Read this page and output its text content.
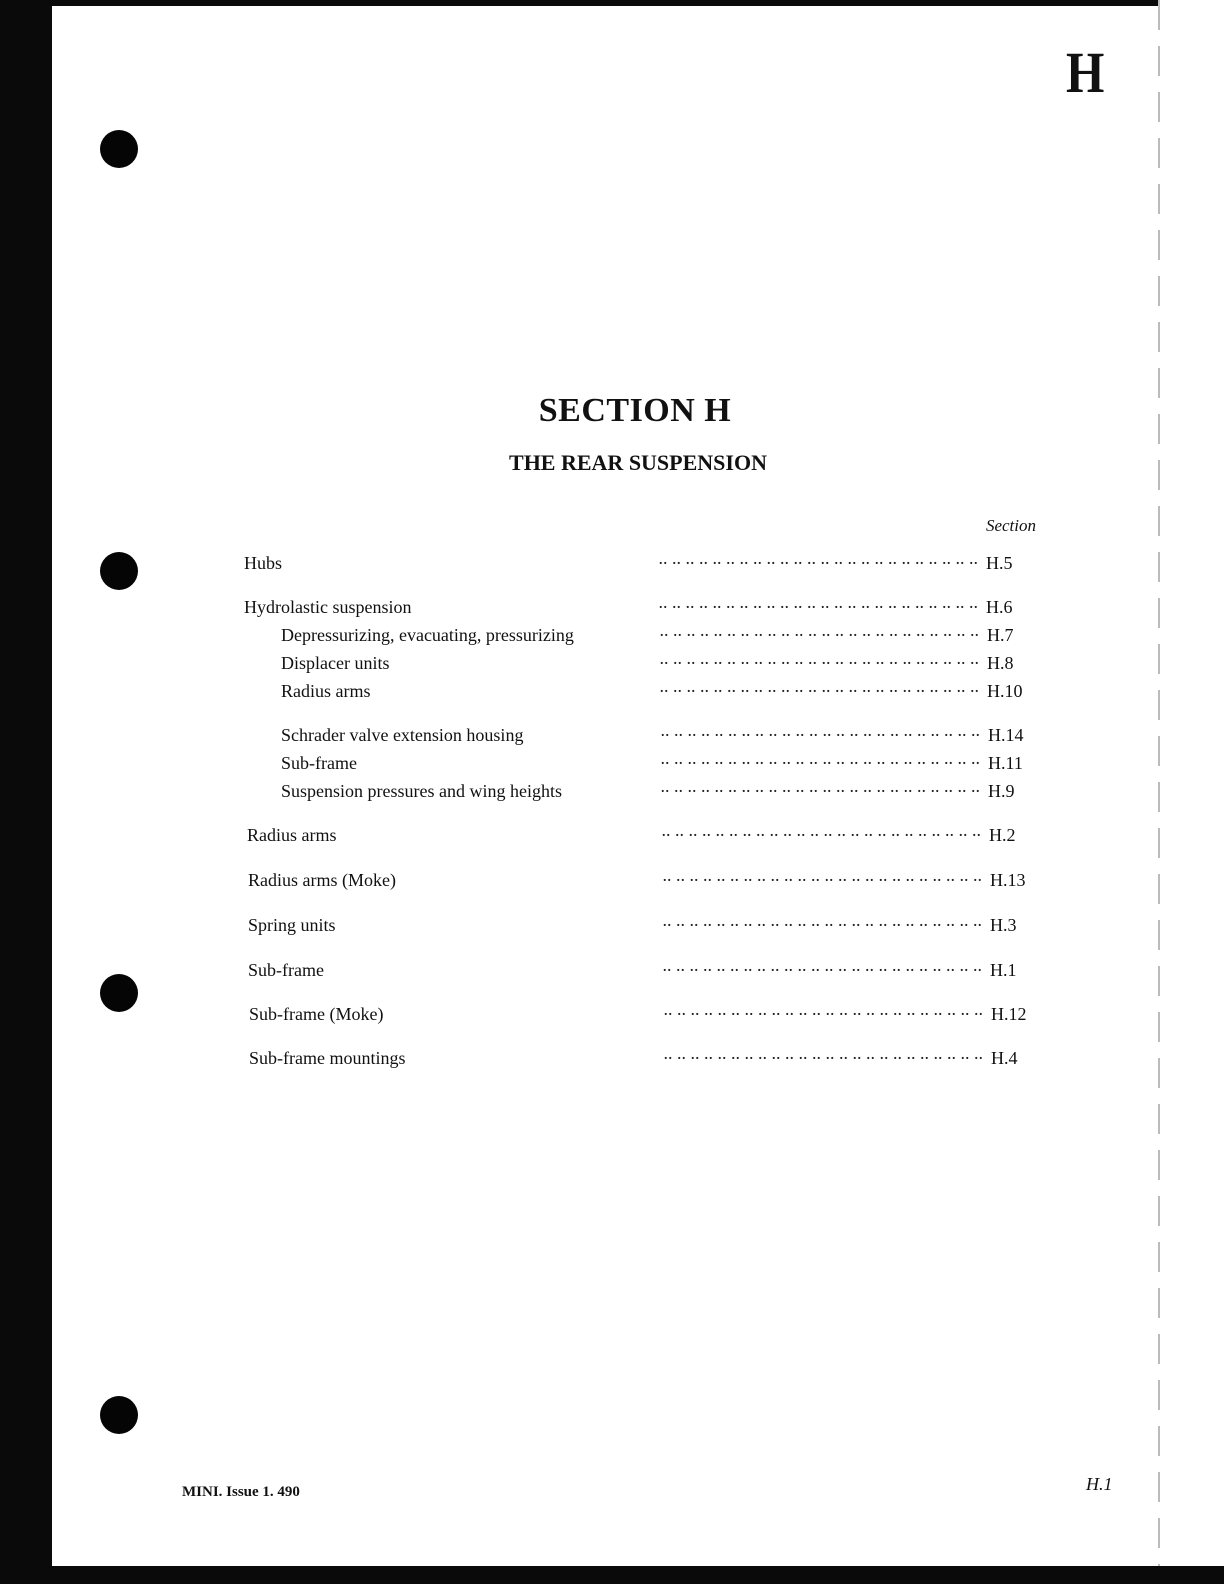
H
SECTION H
THE REAR SUSPENSION
Section
Hubs ..	H.5
Hydrolastic suspension ..	H.6
Depressurizing, evacuating, pressurizing ..	H.7
Displacer units ..	H.8
Radius arms ..	H.10
Schrader valve extension housing ..	H.14
Sub-frame ..	H.11
Suspension pressures and wing heights ..	H.9
Radius arms ..	H.2
Radius arms (Moke) ..	H.13
Spring units ..	H.3
Sub-frame ..	H.1
Sub-frame (Moke) ..	H.12
Sub-frame mountings ..	H.4
MINI. Issue 1. 490	H.1
